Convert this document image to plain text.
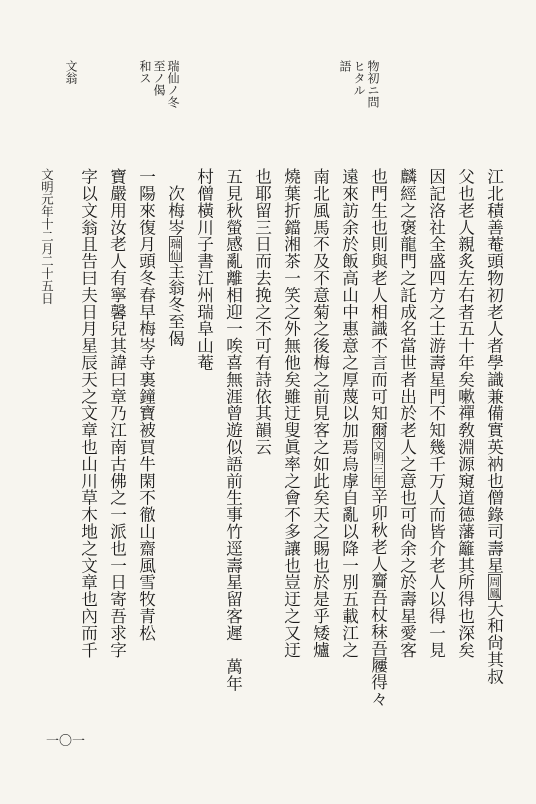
文翁	瑞仙ノ冬
至ノ偈
和ス	物初ニ問
ヒタル
語
文明元年十二月二十五日	江北積善菴頭物初老人者學識兼備實英衲也僧錄司壽星周鳳大和尙其叔
父也老人親炙左右者五十年矣嗽禪敎淵源窺道德藩籬其所得也深矣
因記洛社全盛四方之士游壽星門不知幾千万人而皆介老人以得一見
麟經之褒龍門之託成名當世者出於老人之意也可尙余之於壽星愛客
也門生也則與老人相識不言而可知爾文明三年辛卯秋老人齎吾杖秣吾屨得々
遠來訪余於飯高山中惠意之厚蔑以加焉烏虖自亂以降一別五載江之
南北風馬不及不意菊之後梅之前見客之如此矣天之賜也於是乎矮爐
燒葉折鐺湘茶一笑之外無他矣雖迂叟眞率之會不多讓也豈迂之又迂
也耶留三日而去挽之不可有詩依其韻云
五見秋螢感亂離相迎一唉喜無涯曾遊似語前生事竹逕壽星留客遲　萬年
村僧橫川子書江州瑞阜山菴
　次梅岑瑞仙主翁冬至偈
一陽來復月頭冬春早梅岑寺裏鐘寶被買牛閑不徹山齋風雪牧青松
寶嚴用汝老人有寧馨兒其諱曰章乃江南古佛之一派也一日寄吾求字
字以文翁且告曰夫日月星辰天之文章也山川草木地之文章也內而千
一〇一
